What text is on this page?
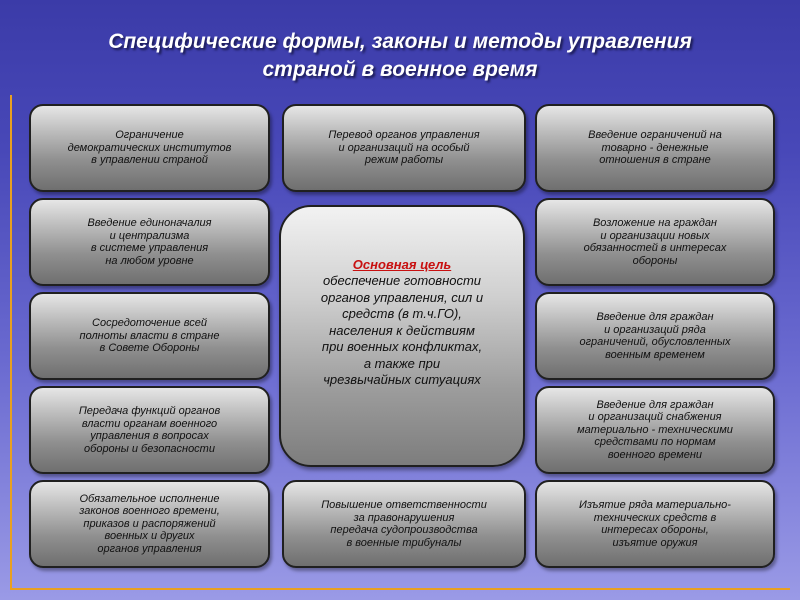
Специфические формы, законы и методы управления
страной в военное время
Ограничение
демократических институтов
в управлении страной
Введение единоначалия
и централизма
в системе управления
на любом уровне
Сосредоточение всей
полноты власти в стране
в Совете Обороны
Передача функций органов
власти органам военного
управления в вопросах
обороны и безопасности
Обязательное исполнение
законов военного времени,
приказов и распоряжений
военных и других
органов управления
Перевод органов управления
и организаций на особый
режим работы
Основная цель
обеспечение готовности
органов управления, сил и
средств (в т.ч.ГО),
населения к действиям
при военных конфликтах,
а также при
чрезвычайных ситуациях
Повышение ответственности
за правонарушения
передача судопроизводства
в военные трибуналы
Введение ограничений на
товарно - денежные
отношения в стране
Возложение на граждан
и организации новых
обязанностей в интересах
обороны
Введение для граждан
и организаций ряда
ограничений, обусловленных
военным временем
Введение для граждан
и организаций снабжения
материально - техническими
средствами по нормам
военного времени
Изъятие ряда материально-
технических средств в
интересах обороны,
изъятие оружия
